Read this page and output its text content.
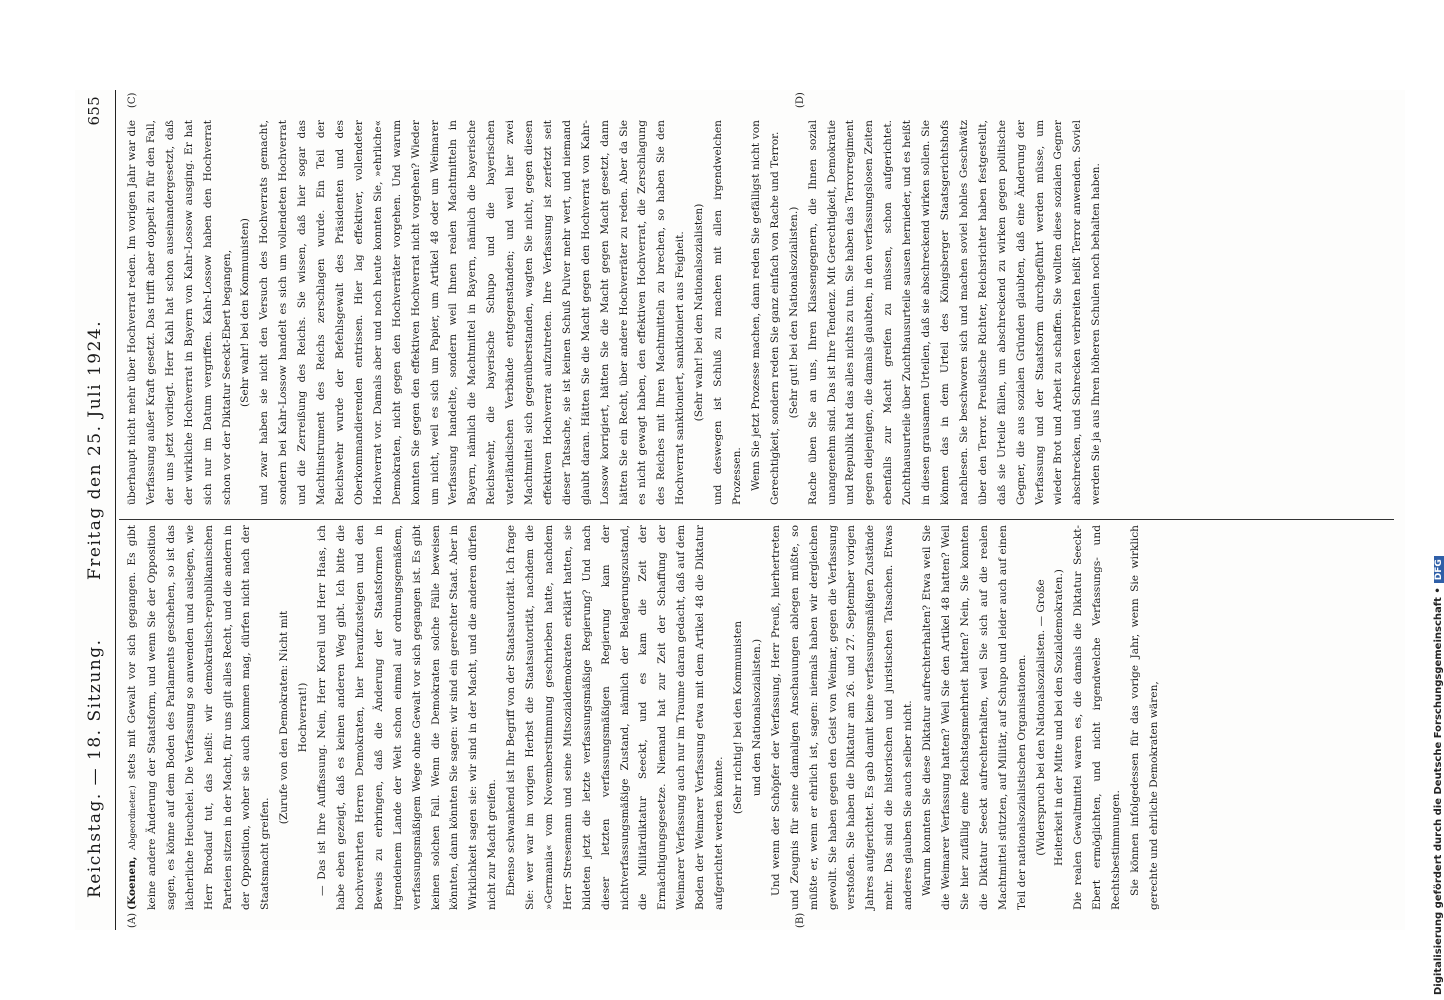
Reichstag. — 18. Sitzung.
Freitag den 25. Juli 1924.
655
(A)	(B)
(C)	(D)

(Koenen, Abgeordneter.) stets mit Gewalt vor sich gegangen. Es gibt keine andere Änderung der Staatsform, und wenn Sie der Opposition sagen, es könne auf dem Boden des Parlaments geschehen, so ist das lächerliche Heuchelei. Die Verfassung so anwenden und auslegen, wie Herr Brodauf tut, das heißt: wir demokratisch-republikanischen Parteien sitzen in der Macht, für uns gilt alles Recht, und die andern in der Opposition, woher sie auch kommen mag, dürfen nicht nach der Staatsmacht greifen.

(Zurufe von den Demokraten: Nicht mit Hochverrat!) — Das ist Ihre Auffassung. Nein, Herr Korell und Herr Haas, ich habe eben gezeigt, daß es keinen anderen Weg gibt. Ich bitte die hochverehrten Herren Demokraten, hier heraufzusteigen und den Beweis zu erbringen, daß die Änderung der Staatsformen in irgendeinem Lande der Welt schon einmal auf ordnungsgemäßem, verfassungsmäßigem Wege ohne Gewalt vor sich gegangen ist. Es gibt keinen solchen Fall. Wenn die Demokraten solche Fälle beweisen könnten, dann könnten Sie sagen: wir sind ein gerechter Staat. Aber in Wirklichkeit sagen sie: wir sind in der Macht, und die anderen dürfen nicht zur Macht greifen. Ebenso schwankend ist Ihr Begriff von der Staatsautorität. Ich frage Sie: wer war im vorigen Herbst die Staatsautorität, nachdem die »Germania« vom Novemberstimmung geschrieben hatte, nachdem Herr Stresemann und seine Mitsozialdemokraten erklärt hatten, sie bildeten jetzt die letzte verfassungsmäßige Regierung? Und nach dieser letzten verfassungsmäßigen Regierung kam der nichtverfassungsmäßige Zustand, nämlich der Belagerungszustand, die Militärdiktatur Seeckt, und es kam die Zeit der Ermächtigungsgesetze. Niemand hat zur Zeit der Schaffung der Weimarer Verfassung auch nur im Traume daran gedacht, daß auf dem Boden der Weimarer Verfassung etwa mit dem Artikel 48 die Diktatur aufgerichtet werden könnte.

(Sehr richtig! bei den Kommunisten und den Nationalsozialisten.) Und wenn der Schöpfer der Verfassung, Herr Preuß, hierhertreten und Zeugnis für seine damaligen Anschauungen ablegen müßte, so müßte er, wenn er ehrlich ist, sagen: niemals haben wir dergleichen gewollt. Sie haben gegen den Geist von Weimar, gegen die Verfassung verstoßen. Sie haben die Diktatur am 26. und 27. September vorigen Jahres aufgerichtet. Es gab damit keine verfassungsmäßigen Zustände mehr. Das sind die historischen und juristischen Tatsachen. Etwas anderes glauben Sie auch selber nicht. Warum konnten Sie diese Diktatur aufrechterhalten? Etwa weil Sie die Weimarer Verfassung hatten? Weil Sie den Artikel 48 hatten? Weil Sie hier zufällig eine Reichstagsmehrheit hatten? Nein, Sie konnten die Diktatur Seeckt aufrechterhalten, weil Sie sich auf die realen Machtmittel stützten, auf Militär, auf Schupo und leider auch auf einen Teil der nationalsozialistischen Organisationen. (Widerspruch bei den Nationalsozialisten. — Große Heiterkeit in der Mitte und bei den Sozialdemokraten.) Die realen Gewaltmittel waren es, die damals die Diktatur Seeckt-Ebert ermöglichten, und nicht irgendwelche Verfassungs- und Rechtsbestimmungen. Sie können infolgedessen für das vorige Jahr, wenn Sie wirklich gerechte und ehrliche Demokraten wären,

überhaupt nicht mehr über Hochverrat reden. Im vorigen Jahr war die Verfassung außer Kraft gesetzt. Das trifft aber doppelt zu für den Fall, der uns jetzt vorliegt. Herr Kahl hat schon auseinandergesetzt, daß der wirkliche Hochverrat in Bayern von Kahr-Lossow ausging. Er hat sich nur im Datum vergriffen. Kahr-Lossow haben den Hochverrat schon vor der Diktatur Seeckt-Ebert begangen, (Sehr wahr! bei den Kommunisten) und zwar haben sie nicht den Versuch des Hochverrats gemacht, sondern bei Kahr-Lossow handelt es sich um vollendeten Hochverrat und die Zerreißung des Reichs. Sie wissen, daß hier sogar das Machtinstrument des Reichs zerschlagen wurde. Ein Teil der Reichswehr wurde der Befehlsgewalt des Präsidenten und des Oberkommandierenden entrissen. Hier lag effektiver, vollendeter Hochverrat vor. Damals aber und noch heute konnten Sie, »ehrliche« Demokraten, nicht gegen den Hochverräter vorgehen. Und warum konnten Sie gegen den effektiven Hochverrat nicht vorgehen? Wieder um nicht, weil es sich um Papier, um Artikel 48 oder um Weimarer Verfassung handelte, sondern weil Ihnen realen Machtmitteln in Bayern, nämlich die Machtmittel in Bayern, nämlich die bayerische Reichswehr, die bayerische Schupo und die bayerischen vaterländischen Verbände entgegenstanden; und weil hier zwei Machtmittel sich gegenüberstanden, wagten Sie nicht, gegen diesen effektiven Hochverrat aufzutreten. Ihre Verfassung ist zerfetzt seit dieser Tatsache, sie ist keinen Schuß Pulver mehr wert, und niemand glaubt daran. Hätten Sie die Macht gegen den Hochverrat von Kahr-Lossow korrigiert, hätten Sie die Macht gegen Macht gesetzt, dann hätten Sie ein Recht, über andere Hochverräter zu reden. Aber da Sie es nicht gewagt haben, den effektiven Hochverrat, die Zerschlagung des Reiches mit Ihren Machtmitteln zu brechen, so haben Sie den Hochverrat sanktioniert, sanktioniert aus Feigheit. (Sehr wahr! bei den Nationalsozialisten) und deswegen ist Schluß zu machen mit allen irgendwelchen Prozessen. Wenn Sie jetzt Prozesse machen, dann reden Sie gefälligst nicht von Gerechtigkeit, sondern reden Sie ganz einfach von Rache und Terror. (Sehr gut! bei den Nationalsozialisten.) Rache üben Sie an uns, Ihren Klassengegnern, die Ihnen sozial unangenehm sind. Das ist Ihre Tendenz. Mit Gerechtigkeit, Demokratie und Republik hat das alles nichts zu tun. Sie haben das Terrorregiment gegen diejenigen, die damals glaubten, in den verfassungslosen Zeiten ebenfalls zur Macht greifen zu müssen, schon aufgerichtet. Zuchthausurteile über Zuchthausurteile sausen hernieder, und es heißt in diesen grausamen Urteilen, daß sie abschreckend wirken sollen. Sie können das in dem Urteil des Königsberger Staatsgerichtshofs nachlesen. Sie beschworen sich und machen soviel hohles Geschwätz über den Terror. Preußische Richter, Reichsrichter haben festgestellt, daß sie Urteile fällen, um abschreckend zu wirken gegen politische Gegner, die aus sozialen Gründen glaubten, daß eine Änderung der Verfassung und der Staatsform durchgeführt werden müsse, um wieder Brot und Arbeit zu schaffen. Sie wollten diese sozialen Gegner abschrecken, und Schrecken verbreiten heißt Terror anwenden. Soviel werden Sie ja aus Ihren höheren Schulen noch behalten haben.

Digitalisierung gefördert durch die Deutsche Forschungsgemeinschaft •DFG
